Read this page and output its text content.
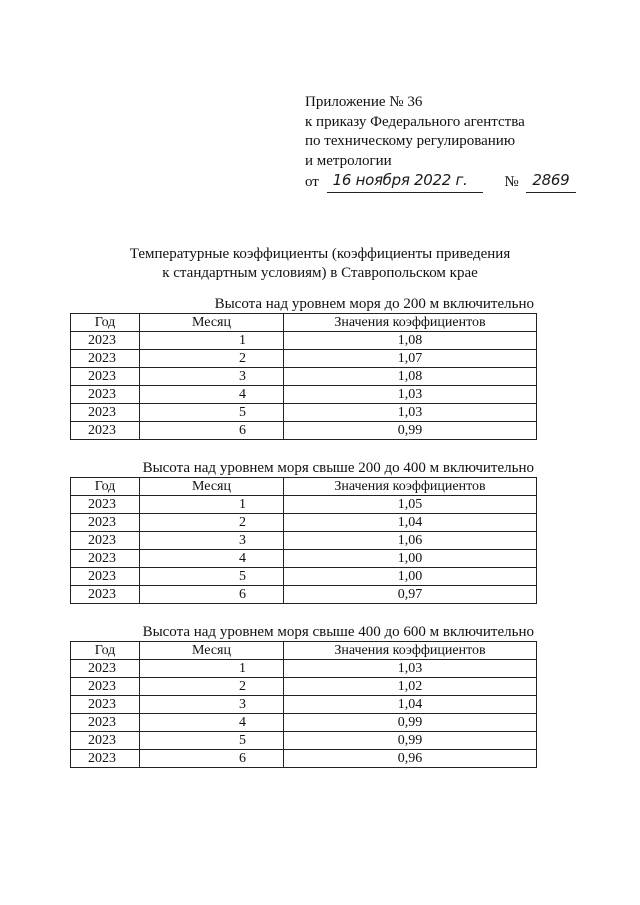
Приложение № 36
к приказу Федерального агентства
по техническому регулированию
и метрологии
от 16 ноября 2022 г. № 2869
Температурные коэффициенты (коэффициенты приведения
к стандартным условиям) в Ставропольском крае
Высота над уровнем моря до 200 м включительно
Год	Месяц	Значения коэффициентов
2023	1	1,08
2023	2	1,07
2023	3	1,08
2023	4	1,03
2023	5	1,03
2023	6	0,99
Высота над уровнем моря свыше 200 до 400 м включительно
Год	Месяц	Значения коэффициентов
2023	1	1,05
2023	2	1,04
2023	3	1,06
2023	4	1,00
2023	5	1,00
2023	6	0,97
Высота над уровнем моря свыше 400 до 600 м включительно
Год	Месяц	Значения коэффициентов
2023	1	1,03
2023	2	1,02
2023	3	1,04
2023	4	0,99
2023	5	0,99
2023	6	0,96
